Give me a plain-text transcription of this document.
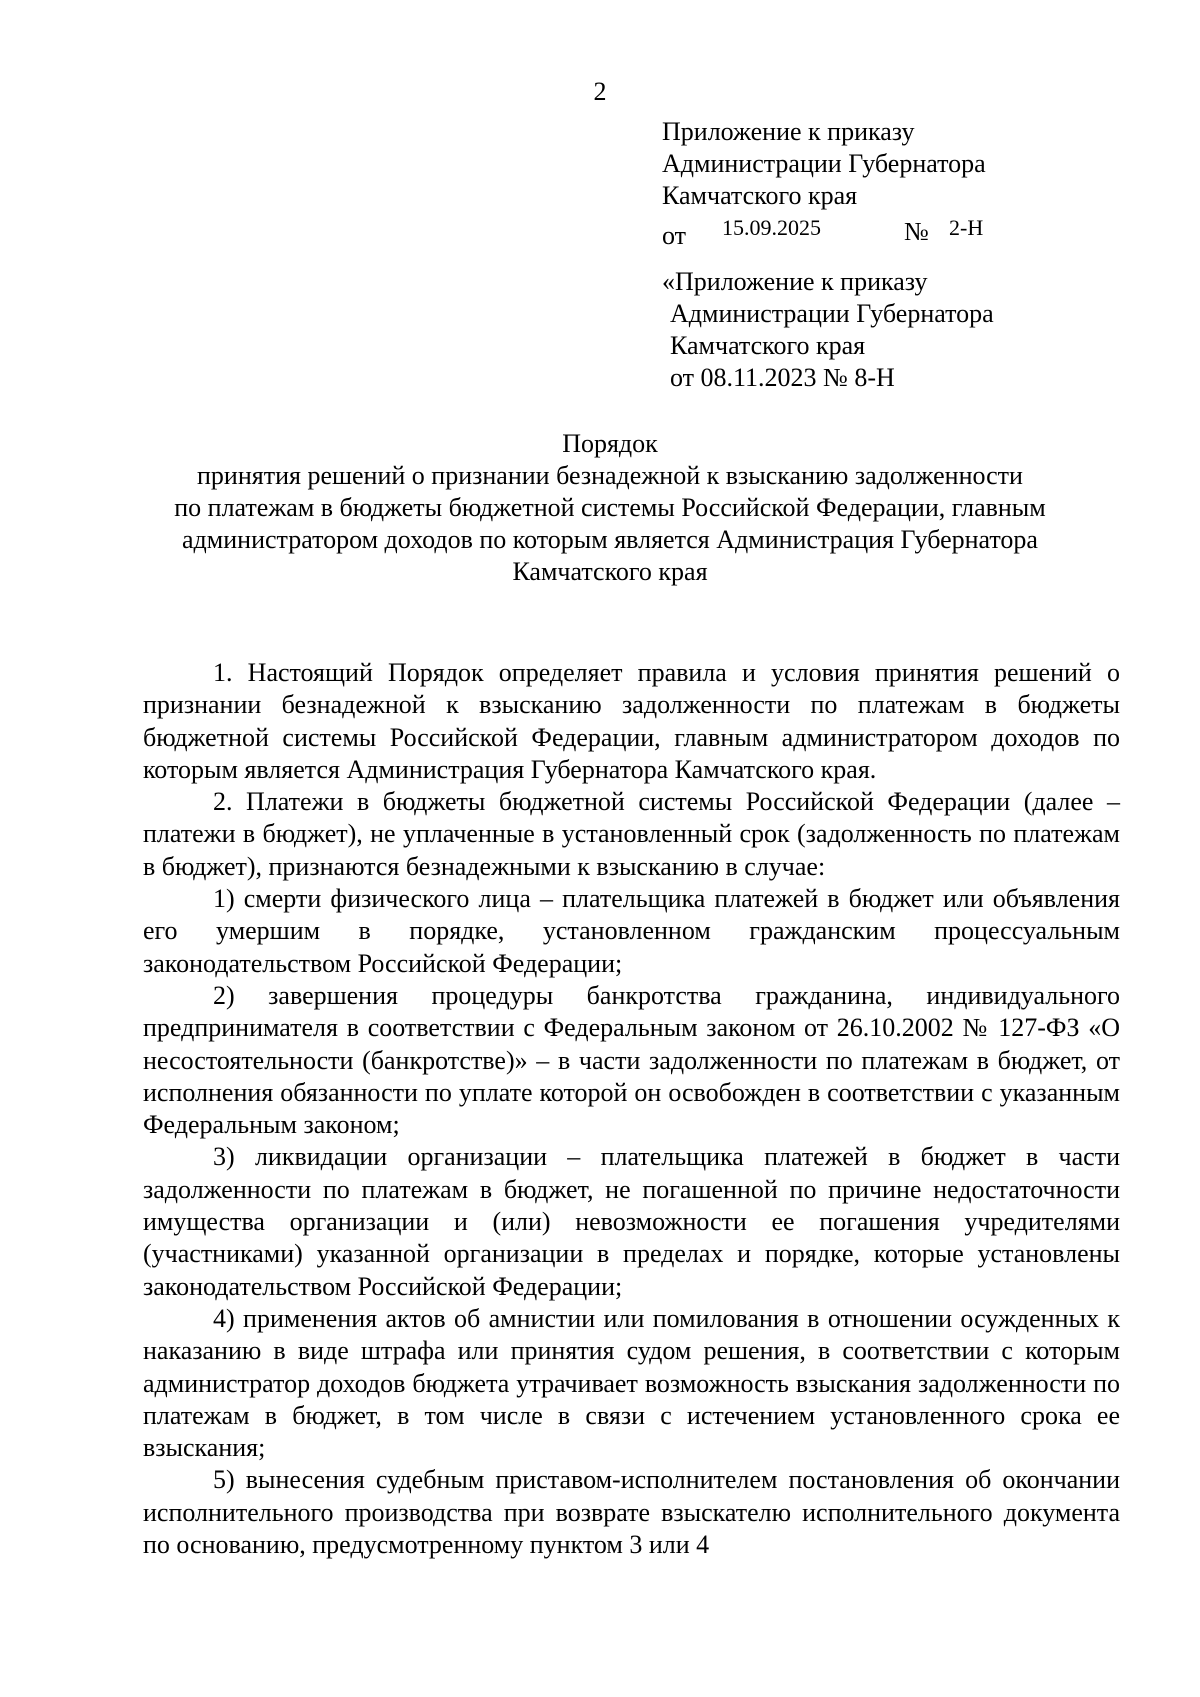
2
Приложение к приказу
Администрации Губернатора
Камчатского края
от 15.09.2025	№ 2-Н
«Приложение к приказу
Администрации Губернатора
Камчатского края
от 08.11.2023 № 8-Н
Порядок
принятия решений о признании безнадежной к взысканию задолженности
по платежам в бюджеты бюджетной системы Российской Федерации, главным
администратором доходов по которым является Администрация Губернатора
Камчатского края

1. Настоящий Порядок определяет правила и условия принятия решений о признании безнадежной к взысканию задолженности по платежам в бюджеты бюджетной системы Российской Федерации, главным администратором доходов по которым является Администрация Губернатора Камчатского края.

2. Платежи в бюджеты бюджетной системы Российской Федерации (далее – платежи в бюджет), не уплаченные в установленный срок (задолженность по платежам в бюджет), признаются безнадежными к взысканию в случае:

1) смерти физического лица – плательщика платежей в бюджет или объявления его умершим в порядке, установленном гражданским процессуальным законодательством Российской Федерации;

2) завершения процедуры банкротства гражданина, индивидуального предпринимателя в соответствии с Федеральным законом от 26.10.2002 № 127-ФЗ «О несостоятельности (банкротстве)» – в части задолженности по платежам в бюджет, от исполнения обязанности по уплате которой он освобожден в соответствии с указанным Федеральным законом;

3) ликвидации организации – плательщика платежей в бюджет в части задолженности по платежам в бюджет, не погашенной по причине недостаточности имущества организации и (или) невозможности ее погашения учредителями (участниками) указанной организации в пределах и порядке, которые установлены законодательством Российской Федерации;

4) применения актов об амнистии или помилования в отношении осужденных к наказанию в виде штрафа или принятия судом решения, в соответствии с которым администратор доходов бюджета утрачивает возможность взыскания задолженности по платежам в бюджет, в том числе в связи с истечением установленного срока ее взыскания;

5) вынесения судебным приставом-исполнителем постановления об окончании исполнительного производства при возврате взыскателю исполнительного документа по основанию, предусмотренному пунктом 3 или 4
